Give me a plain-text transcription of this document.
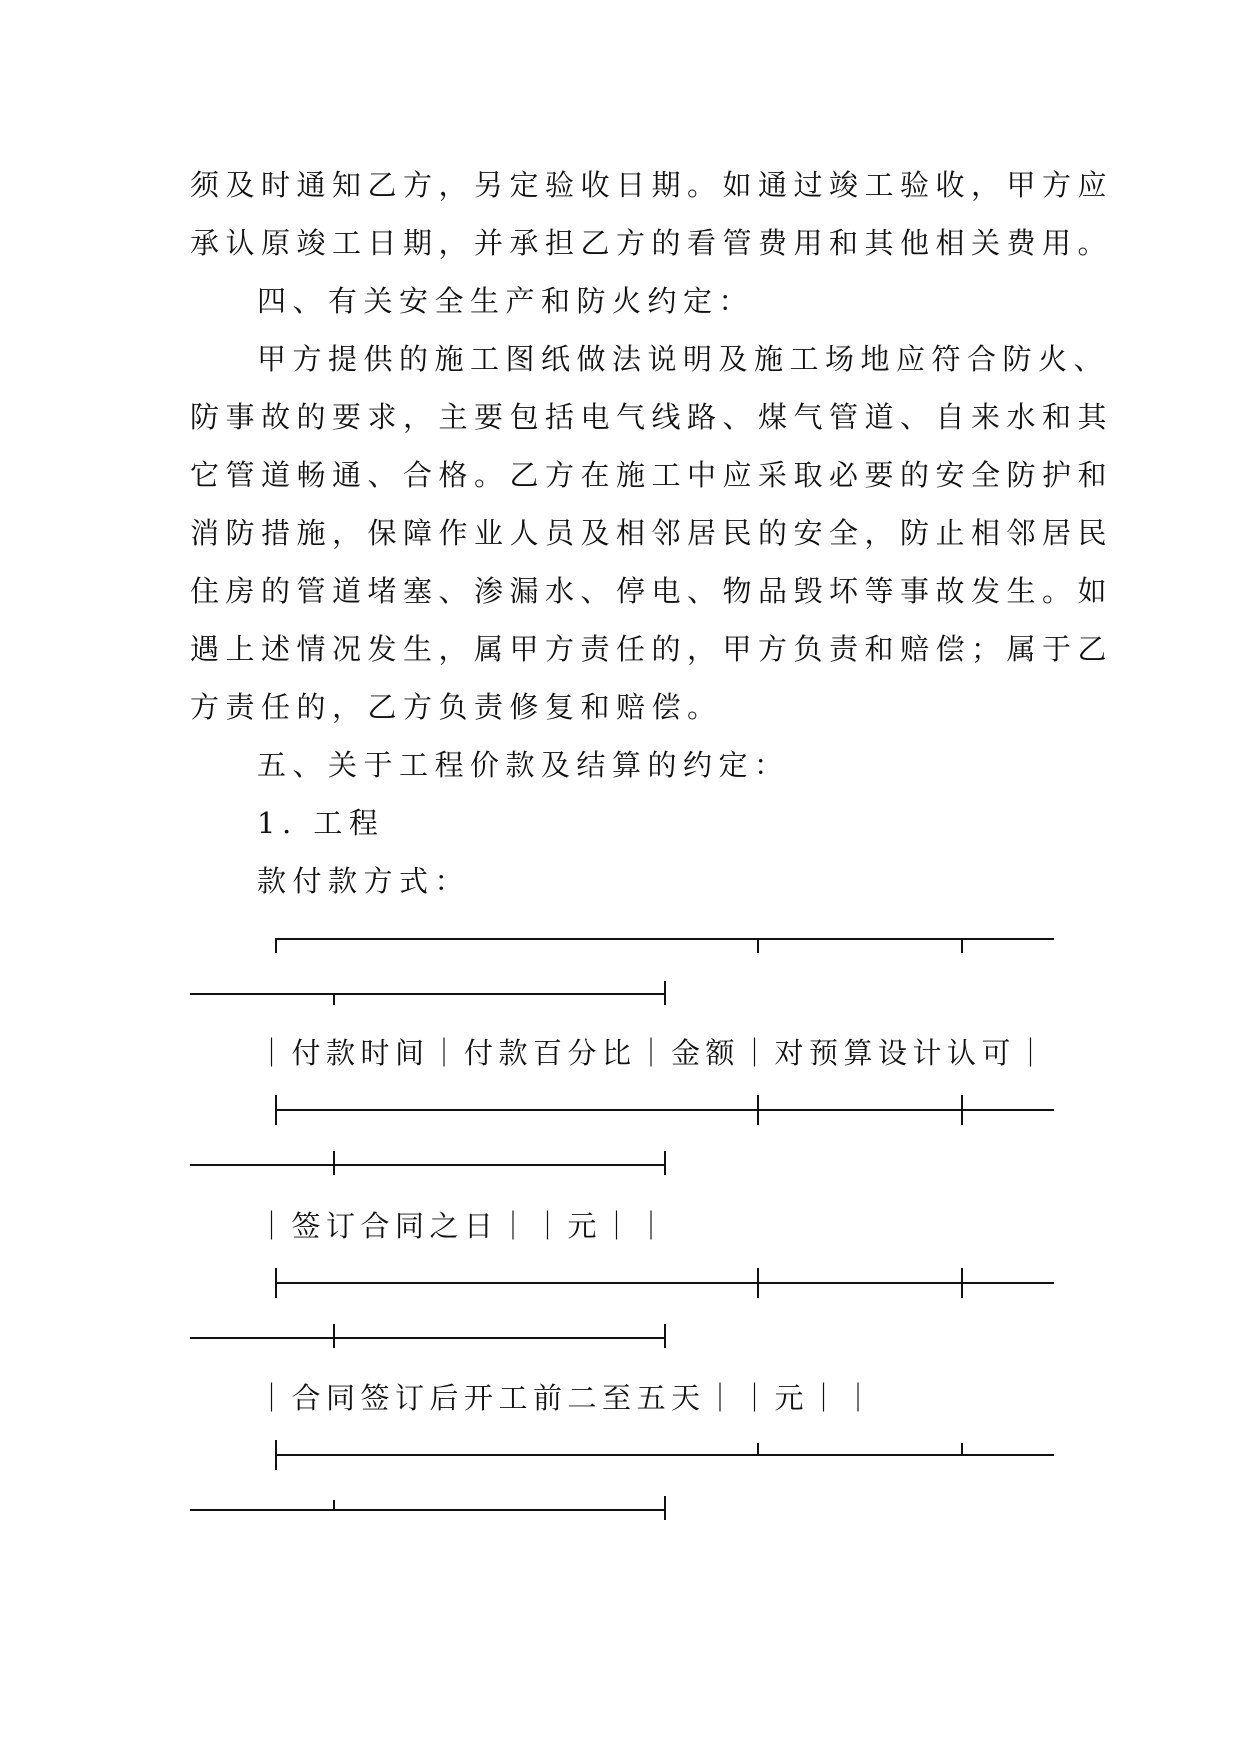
须及时通知乙方，另定验收日期。如通过竣工验收，甲方应
承认原竣工日期，并承担乙方的看管费用和其他相关费用。
四、有关安全生产和防火约定：
甲方提供的施工图纸做法说明及施工场地应符合防火、
防事故的要求，主要包括电气线路、煤气管道、自来水和其
它管道畅通、合格。乙方在施工中应采取必要的安全防护和
消防措施，保障作业人员及相邻居民的安全，防止相邻居民
住房的管道堵塞、渗漏水、停电、物品毁坏等事故发生。如
遇上述情况发生，属甲方责任的，甲方负责和赔偿；属于乙
方责任的，乙方负责修复和赔偿。
五、关于工程价款及结算的约定：
1. 工程
款付款方式：
｜付款时间｜付款百分比｜金额｜对预算设计认可｜
｜签订合同之日｜｜元｜｜
｜合同签订后开工前二至五天｜｜元｜｜
